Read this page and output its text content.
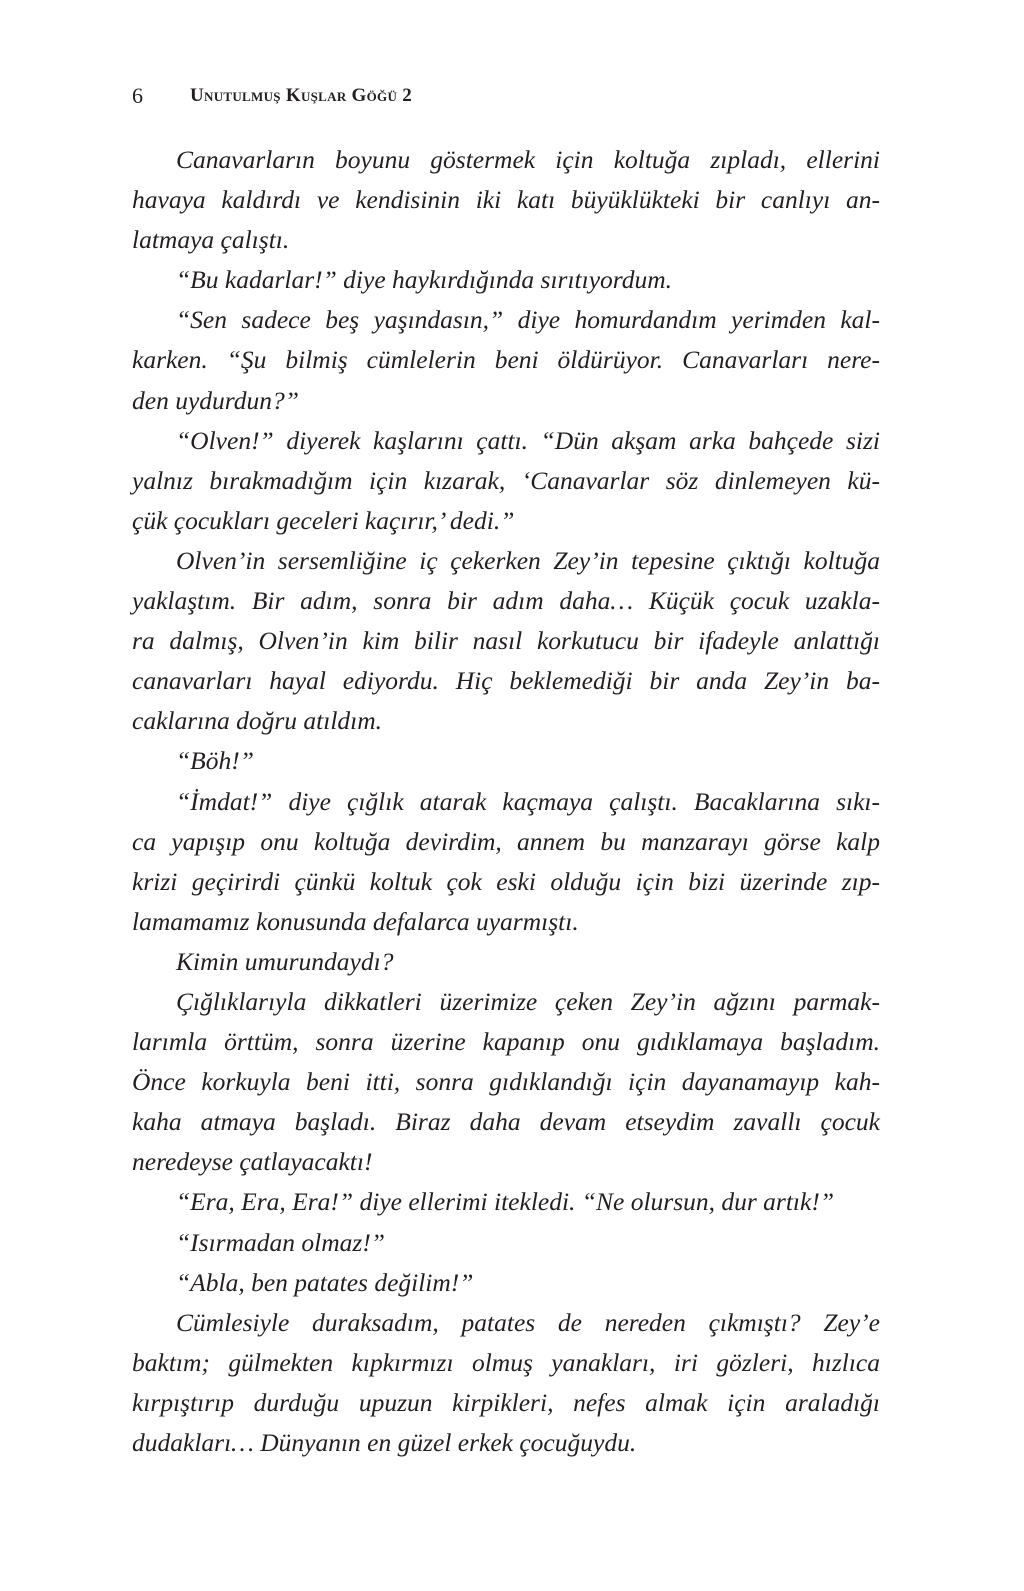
6	Unutulmuş Kuşlar Göğü 2
Canavarların boyunu göstermek için koltuğa zıpladı, ellerini
havaya kaldırdı ve kendisinin iki katı büyüklükteki bir canlıyı an-
latmaya çalıştı.
“Bu kadarlar!” diye haykırdığında sırıtıyordum.
“Sen sadece beş yaşındasın,” diye homurdandım yerimden kal-
karken. “Şu bilmiş cümlelerin beni öldürüyor. Canavarları nere-
den uydurdun?”
“Olven!” diyerek kaşlarını çattı. “Dün akşam arka bahçede sizi
yalnız bırakmadığım için kızarak, ‘Canavarlar söz dinlemeyen kü-
çük çocukları geceleri kaçırır,’ dedi.”
Olven’in sersemliğine iç çekerken Zey’in tepesine çıktığı koltuğa
yaklaştım. Bir adım, sonra bir adım daha… Küçük çocuk uzakla-
ra dalmış, Olven’in kim bilir nasıl korkutucu bir ifadeyle anlattığı
canavarları hayal ediyordu. Hiç beklemediği bir anda Zey’in ba-
caklarına doğru atıldım.
“Böh!”
“İmdat!” diye çığlık atarak kaçmaya çalıştı. Bacaklarına sıkı-
ca yapışıp onu koltuğa devirdim, annem bu manzarayı görse kalp
krizi geçirirdi çünkü koltuk çok eski olduğu için bizi üzerinde zıp-
lamamamız konusunda defalarca uyarmıştı.
Kimin umurundaydı?
Çığlıklarıyla dikkatleri üzerimize çeken Zey’in ağzını parmak-
larımla örttüm, sonra üzerine kapanıp onu gıdıklamaya başladım.
Önce korkuyla beni itti, sonra gıdıklandığı için dayanamayıp kah-
kaha atmaya başladı. Biraz daha devam etseydim zavallı çocuk
neredeyse çatlayacaktı!
“Era, Era, Era!” diye ellerimi itekledi. “Ne olursun, dur artık!”
“Isırmadan olmaz!”
“Abla, ben patates değilim!”
Cümlesiyle duraksadım, patates de nereden çıkmıştı? Zey’e
baktım; gülmekten kıpkırmızı olmuş yanakları, iri gözleri, hızlıca
kırpıştırıp durduğu upuzun kirpikleri, nefes almak için araladığı
dudakları… Dünyanın en güzel erkek çocuğuydu.
